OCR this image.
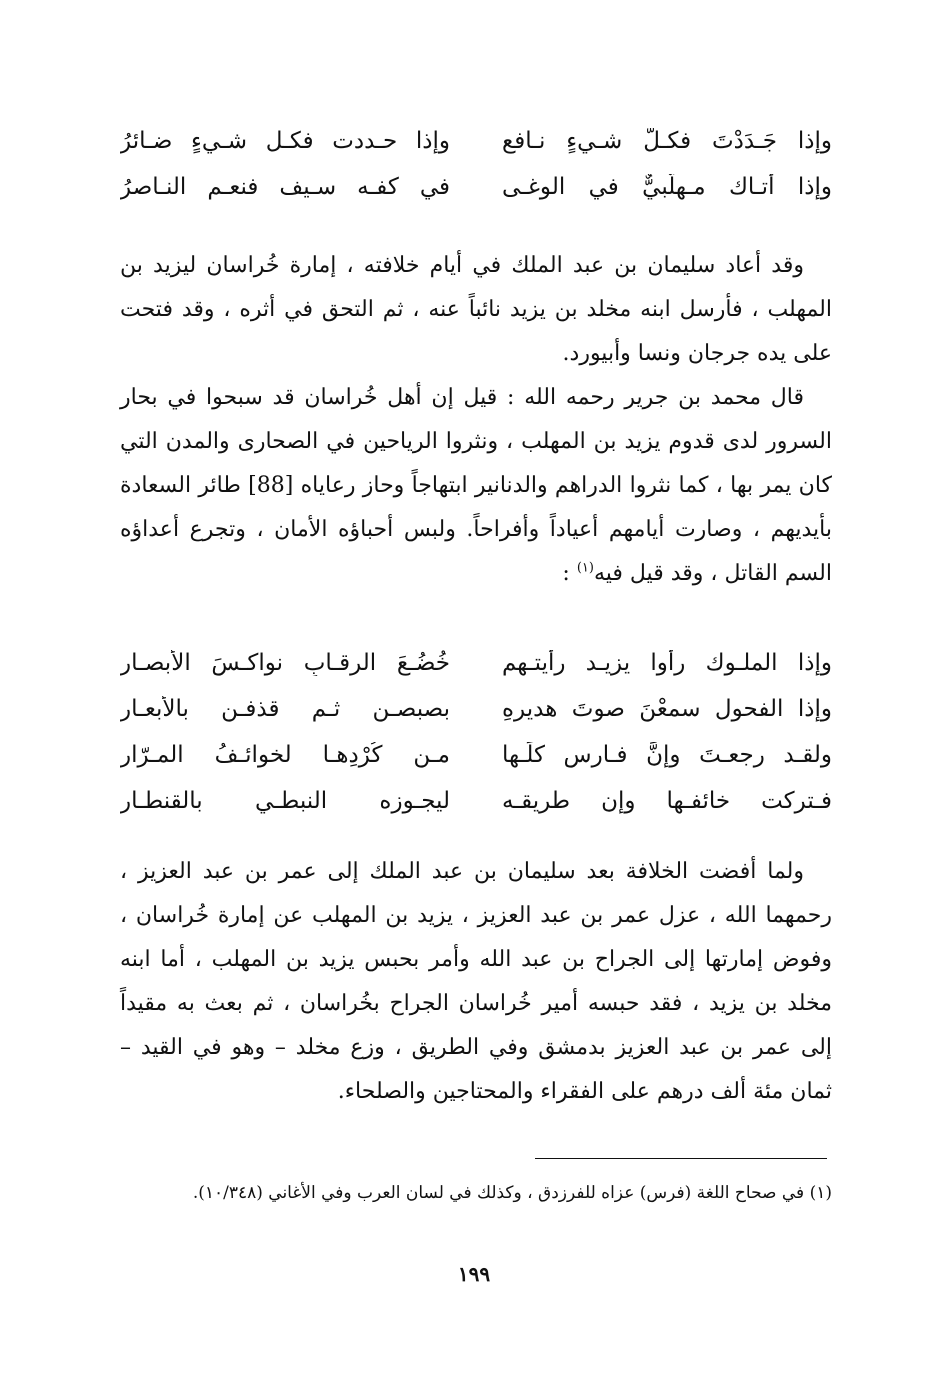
وإذا جَـدَدْتَ فكـلُّ شـيءٍ نـافع
وإذا حـددت فكـل شـيءٍ ضـائرُ
وإذا أتـاك مـهلّبيٌّ في الوغـى
في كفـه سـيف فنعـم النـاصرُ

وقد أعاد سليمان بن عبد الملك في أيام خلافته ، إمارة خُراسان ليزيد بن المهلب ، فأرسل ابنه مخلد بن يزيد نائباً عنه ، ثم التحق في أثره ، وقد فتحت على يده جرجان ونسا وأبيورد.

قال محمد بن جرير رحمه الله : قيل إن أهل خُراسان قد سبحوا في بحار السرور لدى قدوم يزيد بن المهلب ، ونثروا الرياحين في الصحارى والمدن التي كان يمر بها ، كما نثروا الدراهم والدنانير ابتهاجاً وحاز رعاياه [88] طائر السعادة بأيديهم ، وصارت أيامهم أعياداً وأفراحاً. ولبس أحباؤه الأمان ، وتجرع أعداؤه السم القاتل ، وقد قيل فيه$^{(١)}$ :

وإذا الملـوك رأوا يزيـد رأيتـهم
خُضُـعَ الرقـابِ نواكـسَ الأبصـارِ
وإذا الفحول سمعْنَ صوتَ هديرِهِ
بصبصـن ثـم قذفـن بالأبعـارِ
ولقـد رجعـتَ وإنَّ فـارس كلِّـها
مـن كُرْدِهـا لخوائـفُ المـرّارِ
فـتركت خائفـها وإن طريقـه
ليجـوزه النبطـي بالقنطـارِ

ولما أفضت الخلافة بعد سليمان بن عبد الملك إلى عمر بن عبد العزيز ، رحمهما الله ، عزل عمر بن عبد العزيز ، يزيد بن المهلب عن إمارة خُراسان ، وفوض إمارتها إلى الجراح بن عبد الله وأمر بحبس يزيد بن المهلب ، أما ابنه مخلد بن يزيد ، فقد حبسه أمير خُراسان الجراح بخُراسان ، ثم بعث به مقيداً إلى عمر بن عبد العزيز بدمشق وفي الطريق ، وزع مخلد – وهو في القيد – ثمان مئة ألف درهم على الفقراء والمحتاجين والصلحاء.

(١) في صحاح اللغة (فرس) عزاه للفرزدق ، وكذلك في لسان العرب وفي الأغاني (١٠/٣٤٨).
١٩٩
